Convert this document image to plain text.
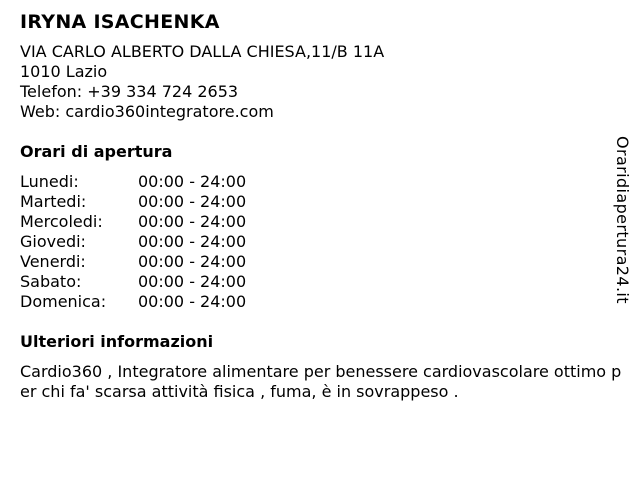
IRYNA ISACHENKA
VIA CARLO ALBERTO DALLA CHIESA,11/B 11A
1010 Lazio
Telefon: +39 334 724 2653
Web: cardio360integratore.com
Orari di apertura
Lunedi:	00:00 - 24:00
Martedi:	00:00 - 24:00
Mercoledi:	00:00 - 24:00
Giovedi:	00:00 - 24:00
Venerdi:	00:00 - 24:00
Sabato:	00:00 - 24:00
Domenica:	00:00 - 24:00
Ulteriori informazioni
Cardio360 , Integratore alimentare per benessere cardiovascolare ottimo per chi fa' scarsa attività fisica , fuma, è in sovrappeso .
Oraridiapertura24.it
